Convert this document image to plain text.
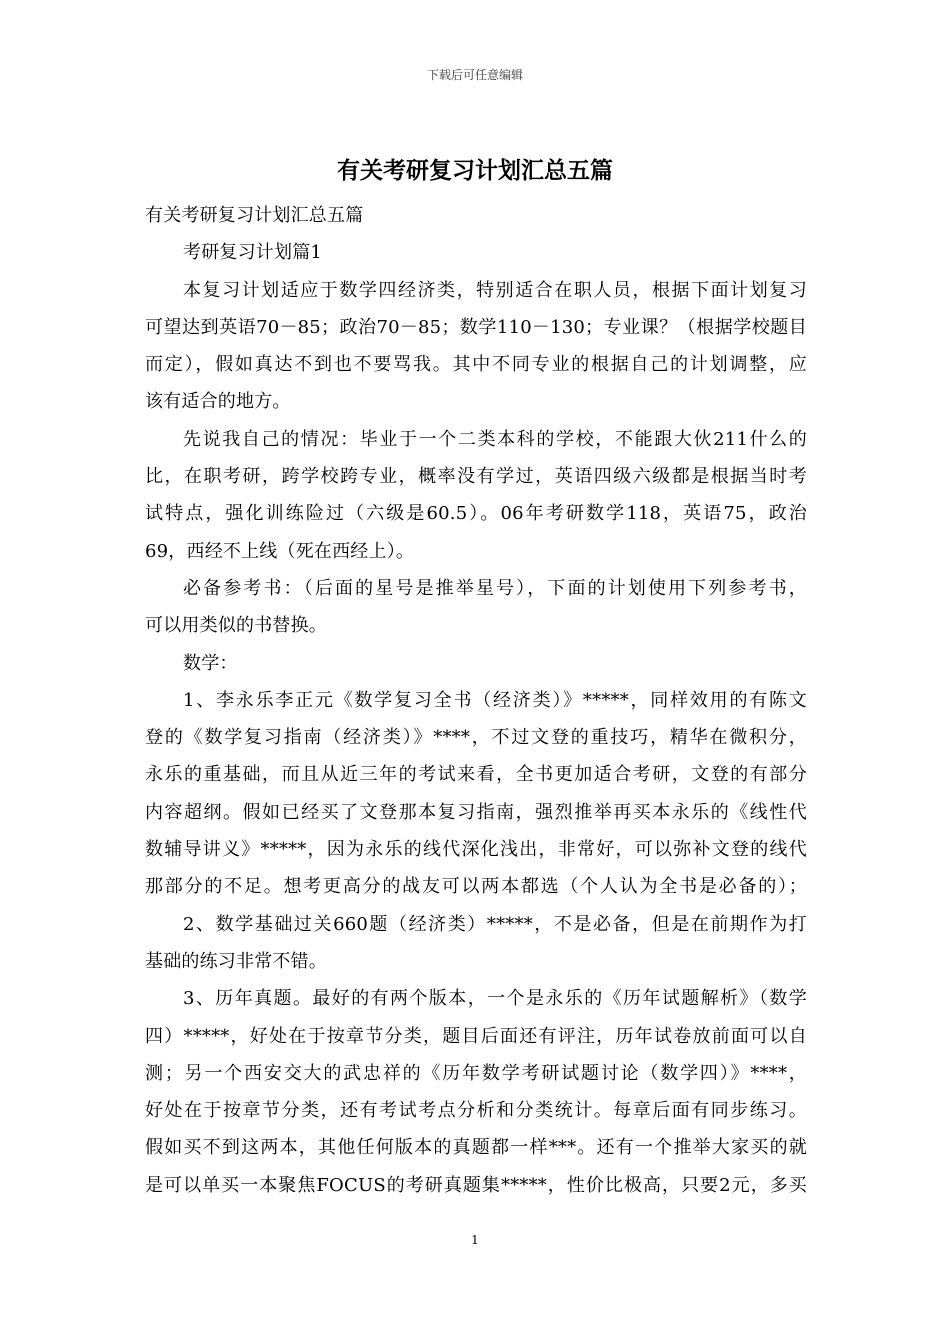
下载后可任意编辑
有关考研复习计划汇总五篇
有关考研复习计划汇总五篇
考研复习计划篇1
本复习计划适应于数学四经济类，特别适合在职人员，根据下面计划复习
可望达到英语70－85；政治70－85；数学110－130；专业课？（根据学校题目
而定），假如真达不到也不要骂我。其中不同专业的根据自己的计划调整，应
该有适合的地方。
先说我自己的情况：毕业于一个二类本科的学校，不能跟大伙211什么的
比，在职考研，跨学校跨专业，概率没有学过，英语四级六级都是根据当时考
试特点，强化训练险过（六级是60.5）。06年考研数学118，英语75，政治
69，西经不上线（死在西经上）。
必备参考书：（后面的星号是推举星号），下面的计划使用下列参考书，
可以用类似的书替换。
数学：
1、李永乐李正元《数学复习全书（经济类）》*****，同样效用的有陈文
登的《数学复习指南（经济类）》****，不过文登的重技巧，精华在微积分，
永乐的重基础，而且从近三年的考试来看，全书更加适合考研，文登的有部分
内容超纲。假如已经买了文登那本复习指南，强烈推举再买本永乐的《线性代
数辅导讲义》*****，因为永乐的线代深化浅出，非常好，可以弥补文登的线代
那部分的不足。想考更高分的战友可以两本都选（个人认为全书是必备的）；
2、数学基础过关660题（经济类）*****，不是必备，但是在前期作为打
基础的练习非常不错。
3、历年真题。最好的有两个版本，一个是永乐的《历年试题解析》（数学
四）*****，好处在于按章节分类，题目后面还有评注，历年试卷放前面可以自
测；另一个西安交大的武忠祥的《历年数学考研试题讨论（数学四）》****，
好处在于按章节分类，还有考试考点分析和分类统计。每章后面有同步练习。
假如买不到这两本，其他任何版本的真题都一样***。还有一个推举大家买的就
是可以单买一本聚焦FOCUS的考研真题集*****，性价比极高，只要2元，多买
1
